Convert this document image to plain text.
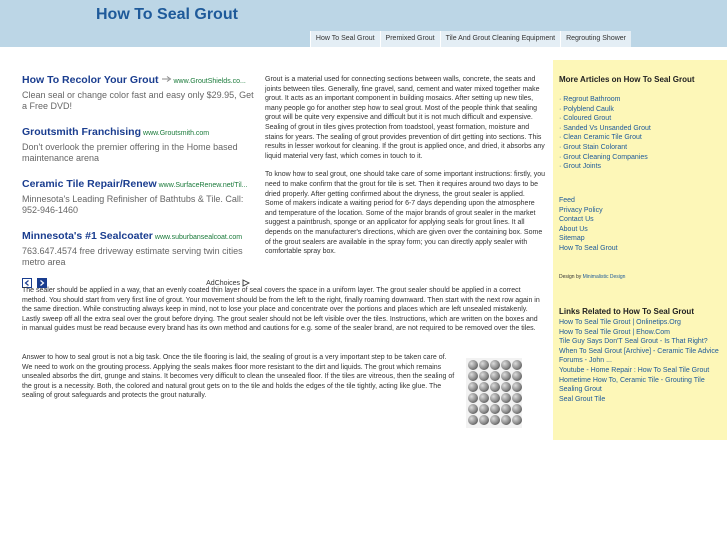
How To Seal Grout
How To Seal Grout	Premixed Grout	Tile And Grout Cleaning Equipment	Regrouting Shower
How To Recolor Your Grout www.GroutShields.co...
Clean seal or change color fast and easy only $29.95, Get a Free DVD!
Groutsmith Franchising www.Groutsmith.com
Don't overlook the premier offering in the Home based maintenance arena
Ceramic Tile Repair/Renew www.SurfaceRenew.net/Til...
Minnesota's Leading Refinisher of Bathtubs & Tile. Call: 952-946-1460
Minnesota's #1 Sealcoater www.suburbansealcoat.com
763.647.4574 free driveway estimate serving twin cities metro area
AdChoices

Grout is a material used for connecting sections between walls, concrete, the seats and joints between tiles. Generally, fine gravel, sand, cement and water mixed together make grout. It acts as an important component in building mosaics. After setting up new tiles, many people go for another step how to seal grout. Most of the people think that sealing grout will be quite very expensive and difficult but it is not much difficult and expensive. Sealing of grout in tiles gives protection from toadstool, yeast formation, moisture and stains for years. The sealing of grout provides prevention of dirt getting into sections. This results in lesser workout for cleaning. If the grout is applied once, and dried, it absorbs any liquid material very fast, which comes in touch to it.

To know how to seal grout, one should take care of some important instructions: firstly, you need to make confirm that the grout for tile is set. Then it requires around two days to be dried properly. After getting confirmed about the dryness, the grout sealer is applied. Some of makers indicate a waiting period for 6-7 days depending upon the atmosphere and temperature of the location. Some of the major brands of grout sealer in the market suggest a paintbrush, sponge or an applicator for applying seals for grout lines. It all depends on the manufacturer's directions, which are given over the containing box. Some of the grout sealers are available in the spray form; you can directly apply sealer with comfortable spray box.

The sealer should be applied in a way, that an evenly coated thin layer of seal covers the space in a uniform layer. The grout sealer should be applied in a correct method. You should start from very first line of grout. Your movement should be from the left to the right, finally roaming downward. Then start with the next row again in the same direction. While constructing always keep in mind, not to lose your place and concentrate over the portions and places which are left unsealed mistakenly. Lastly sweep off all the extra seal over the grout before drying. The grout sealer should not be left visible over the tiles. Instructions, which are written on the boxes and in manual guides must be read because every brand has its own method and cautions for e.g. some of the sealer brand, are not required to be removed over the tiles.
Answer to how to seal grout is not a big task. Once the tile flooring is laid, the sealing of grout is a very important step to be taken care of. We need to work on the grouting process. Applying the seals makes floor more resistant to the dirt and liquids. The grout which remains unsealed absorbs the dirt, grunge and stains. It becomes very difficult to clean the unsealed floor. If the tiles are vitreous, then the sealing of the grout is a necessity. Both, the colored and natural grout gets on to the tile and holds the edges of the tile tightly, acting like glue. The sealing of grout safeguards and protects the grout naturally.
More Articles on How To Seal Grout
· Regrout Bathroom
· Polyblend Caulk
· Coloured Grout
· Sanded Vs Unsanded Grout
· Clean Ceramic Tile Grout
· Grout Stain Colorant
· Grout Cleaning Companies
· Grout Joints
Feed
Privacy Policy
Contact Us
About Us
Sitemap
How To Seal Grout
Design by Minimalistic Design
Links Related to How To Seal Grout
How To Seal Tile Grout | Onlinetips.Org
How To Seal Tile Grout | Ehow.Com
Tile Guy Says Don'T Seal Grout - Is That Right?
When To Seal Grout [Archive] - Ceramic Tile Advice Forums - John ...
Youtube - Home Repair : How To Seal Tile Grout
Hometime How To, Ceramic Tile - Grouting Tile
Sealing Grout
Seal Grout Tile
